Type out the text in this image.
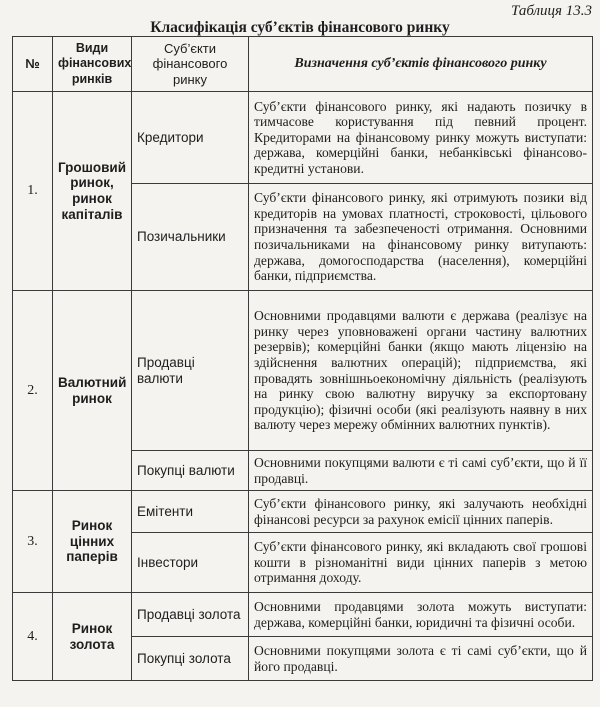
Таблиця 13.3
Класифікація суб’єктів фінансового ринку
№	Види фінансових ринків	Суб’єкти фінансового ринку	Визначення суб’єктів фінансового ринку
1.	Грошовий ринок, ринок капіталів	Кредитори	Суб’єкти фінансового ринку, які надають позичку в тимчасове користування під певний процент. Кредиторами на фінансовому ринку можуть виступати: держава, комерційні банки, небанківські фінансово-кредитні установи.
		Позичальники	Суб’єкти фінансового ринку, які отримують позики від кредиторів на умовах платності, строковості, цільового призначення та забезпеченості отримання. Основними позичальниками на фінансовому ринку витупають: держава, домогосподарства (населення), комерційні банки, підприємства.
2.	Валютний ринок	Продавці валюти	Основними продавцями валюти є держава (реалізує на ринку через уповноважені органи частину валютних резервів); комерційні банки (якщо мають ліцензію на здійснення валютних операцій); підприємства, які провадять зовнішньоекономічну діяльність (реалізують на ринку свою валютну виручку за експортовану продукцію); фізичні особи (які реалізують наявну в них валюту через мережу обмінних валютних пунктів).
		Покупці валюти	Основними покупцями валюти є ті самі суб’єкти, що й її продавці.
3.	Ринок цінних паперів	Емітенти	Суб’єкти фінансового ринку, які залучають необхідні фінансові ресурси за рахунок емісії цінних паперів.
		Інвестори	Суб’єкти фінансового ринку, які вкладають свої грошові кошти в різноманітні види цінних паперів з метою отримання доходу.
4.	Ринок золота	Продавці золота	Основними продавцями золота можуть виступати: держава, комерційні банки, юридичні та фізичні особи.
		Покупці золота	Основними покупцями золота є ті самі суб’єкти, що й його продавці.
